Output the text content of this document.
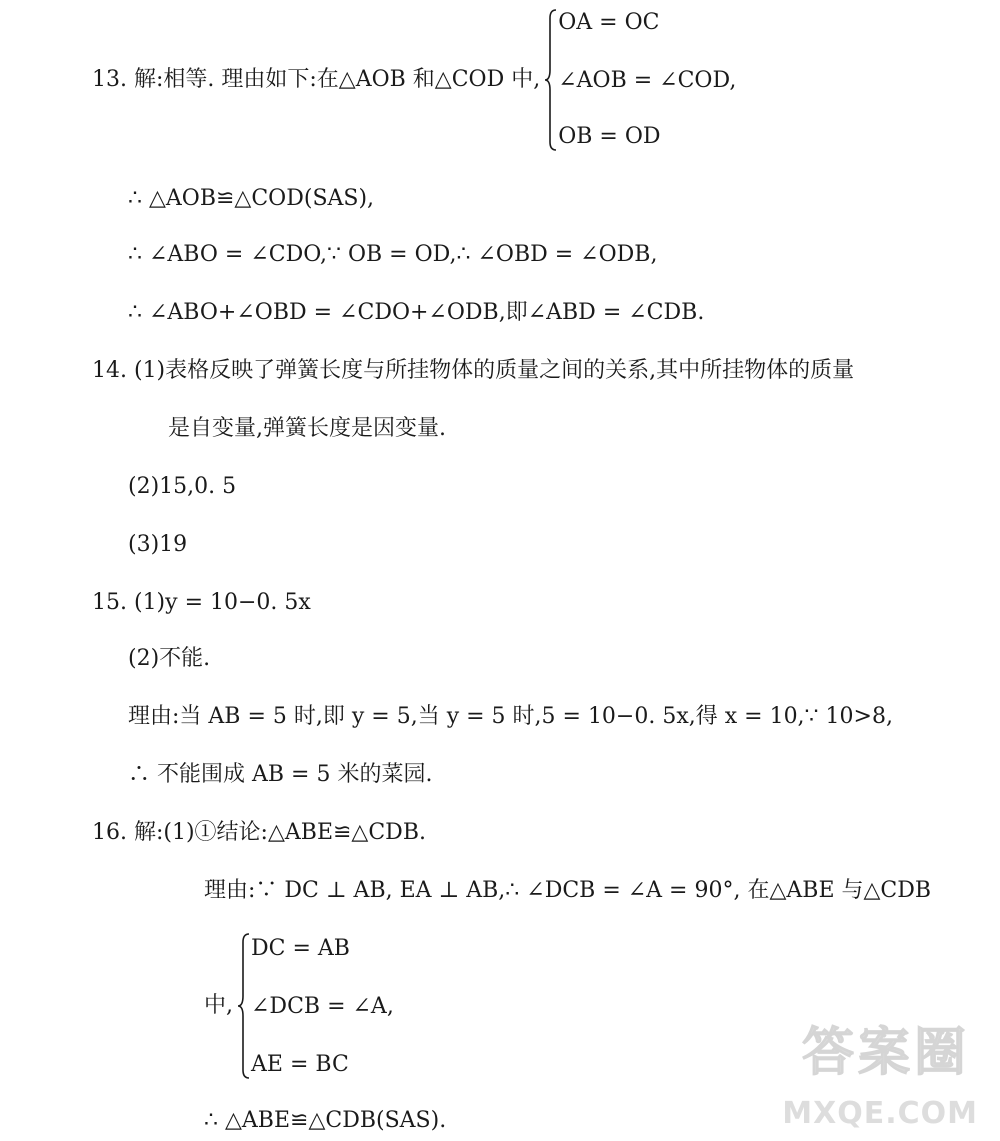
13. 解:相等. 理由如下:在△AOB 和△COD 中,
OA = OC
∠AOB = ∠COD,
OB = OD
∴ △AOB≌△COD(SAS),
∴ ∠ABO = ∠CDO,∵ OB = OD,∴ ∠OBD = ∠ODB,
∴ ∠ABO+∠OBD = ∠CDO+∠ODB,即∠ABD = ∠CDB.
14. (1)表格反映了弹簧长度与所挂物体的质量之间的关系,其中所挂物体的质量
是自变量,弹簧长度是因变量.
(2)15,0. 5
(3)19
15. (1)y = 10−0. 5x
(2)不能.
理由:当 AB = 5 时,即 y = 5,当 y = 5 时,5 = 10−0. 5x,得 x = 10,∵ 10>8,
∴ 不能围成 AB = 5 米的菜园.
16. 解:(1)①结论:△ABE≌△CDB.
理由:∵ DC ⊥ AB, EA ⊥ AB,∴ ∠DCB = ∠A = 90°, 在△ABE 与△CDB
中,
DC = AB
∠DCB = ∠A,
AE = BC
∴ △ABE≌△CDB(SAS).
答案圈
MXQE.COM
